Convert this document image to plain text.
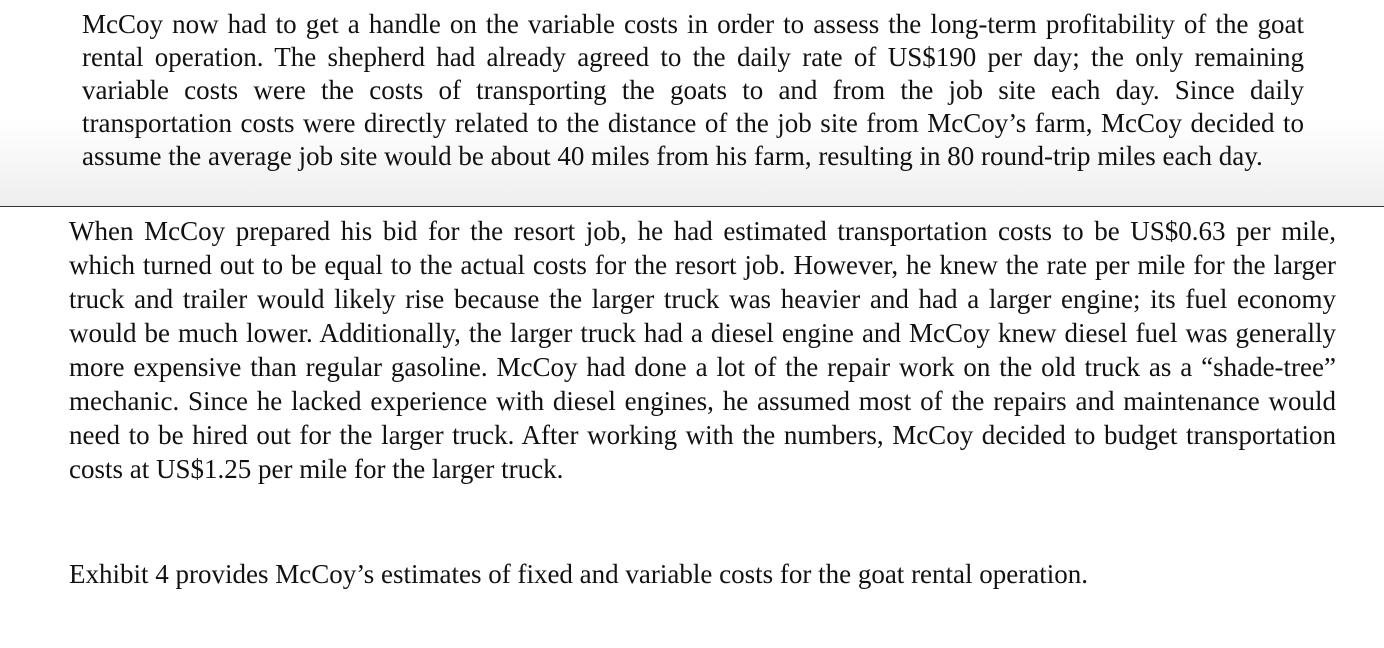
McCoy now had to get a handle on the variable costs in order to assess the long-term profitability of the goat rental operation. The shepherd had already agreed to the daily rate of US$190 per day; the only remaining variable costs were the costs of transporting the goats to and from the job site each day. Since daily transportation costs were directly related to the distance of the job site from McCoy’s farm, McCoy decided to assume the average job site would be about 40 miles from his farm, resulting in 80 round-trip miles each day.

When McCoy prepared his bid for the resort job, he had estimated transportation costs to be US$0.63 per mile, which turned out to be equal to the actual costs for the resort job. However, he knew the rate per mile for the larger truck and trailer would likely rise because the larger truck was heavier and had a larger engine; its fuel economy would be much lower. Additionally, the larger truck had a diesel engine and McCoy knew diesel fuel was generally more expensive than regular gasoline. McCoy had done a lot of the repair work on the old truck as a “shade-tree” mechanic. Since he lacked experience with diesel engines, he assumed most of the repairs and maintenance would need to be hired out for the larger truck. After working with the numbers, McCoy decided to budget transportation costs at US$1.25 per mile for the larger truck.

Exhibit 4 provides McCoy’s estimates of fixed and variable costs for the goat rental operation.
